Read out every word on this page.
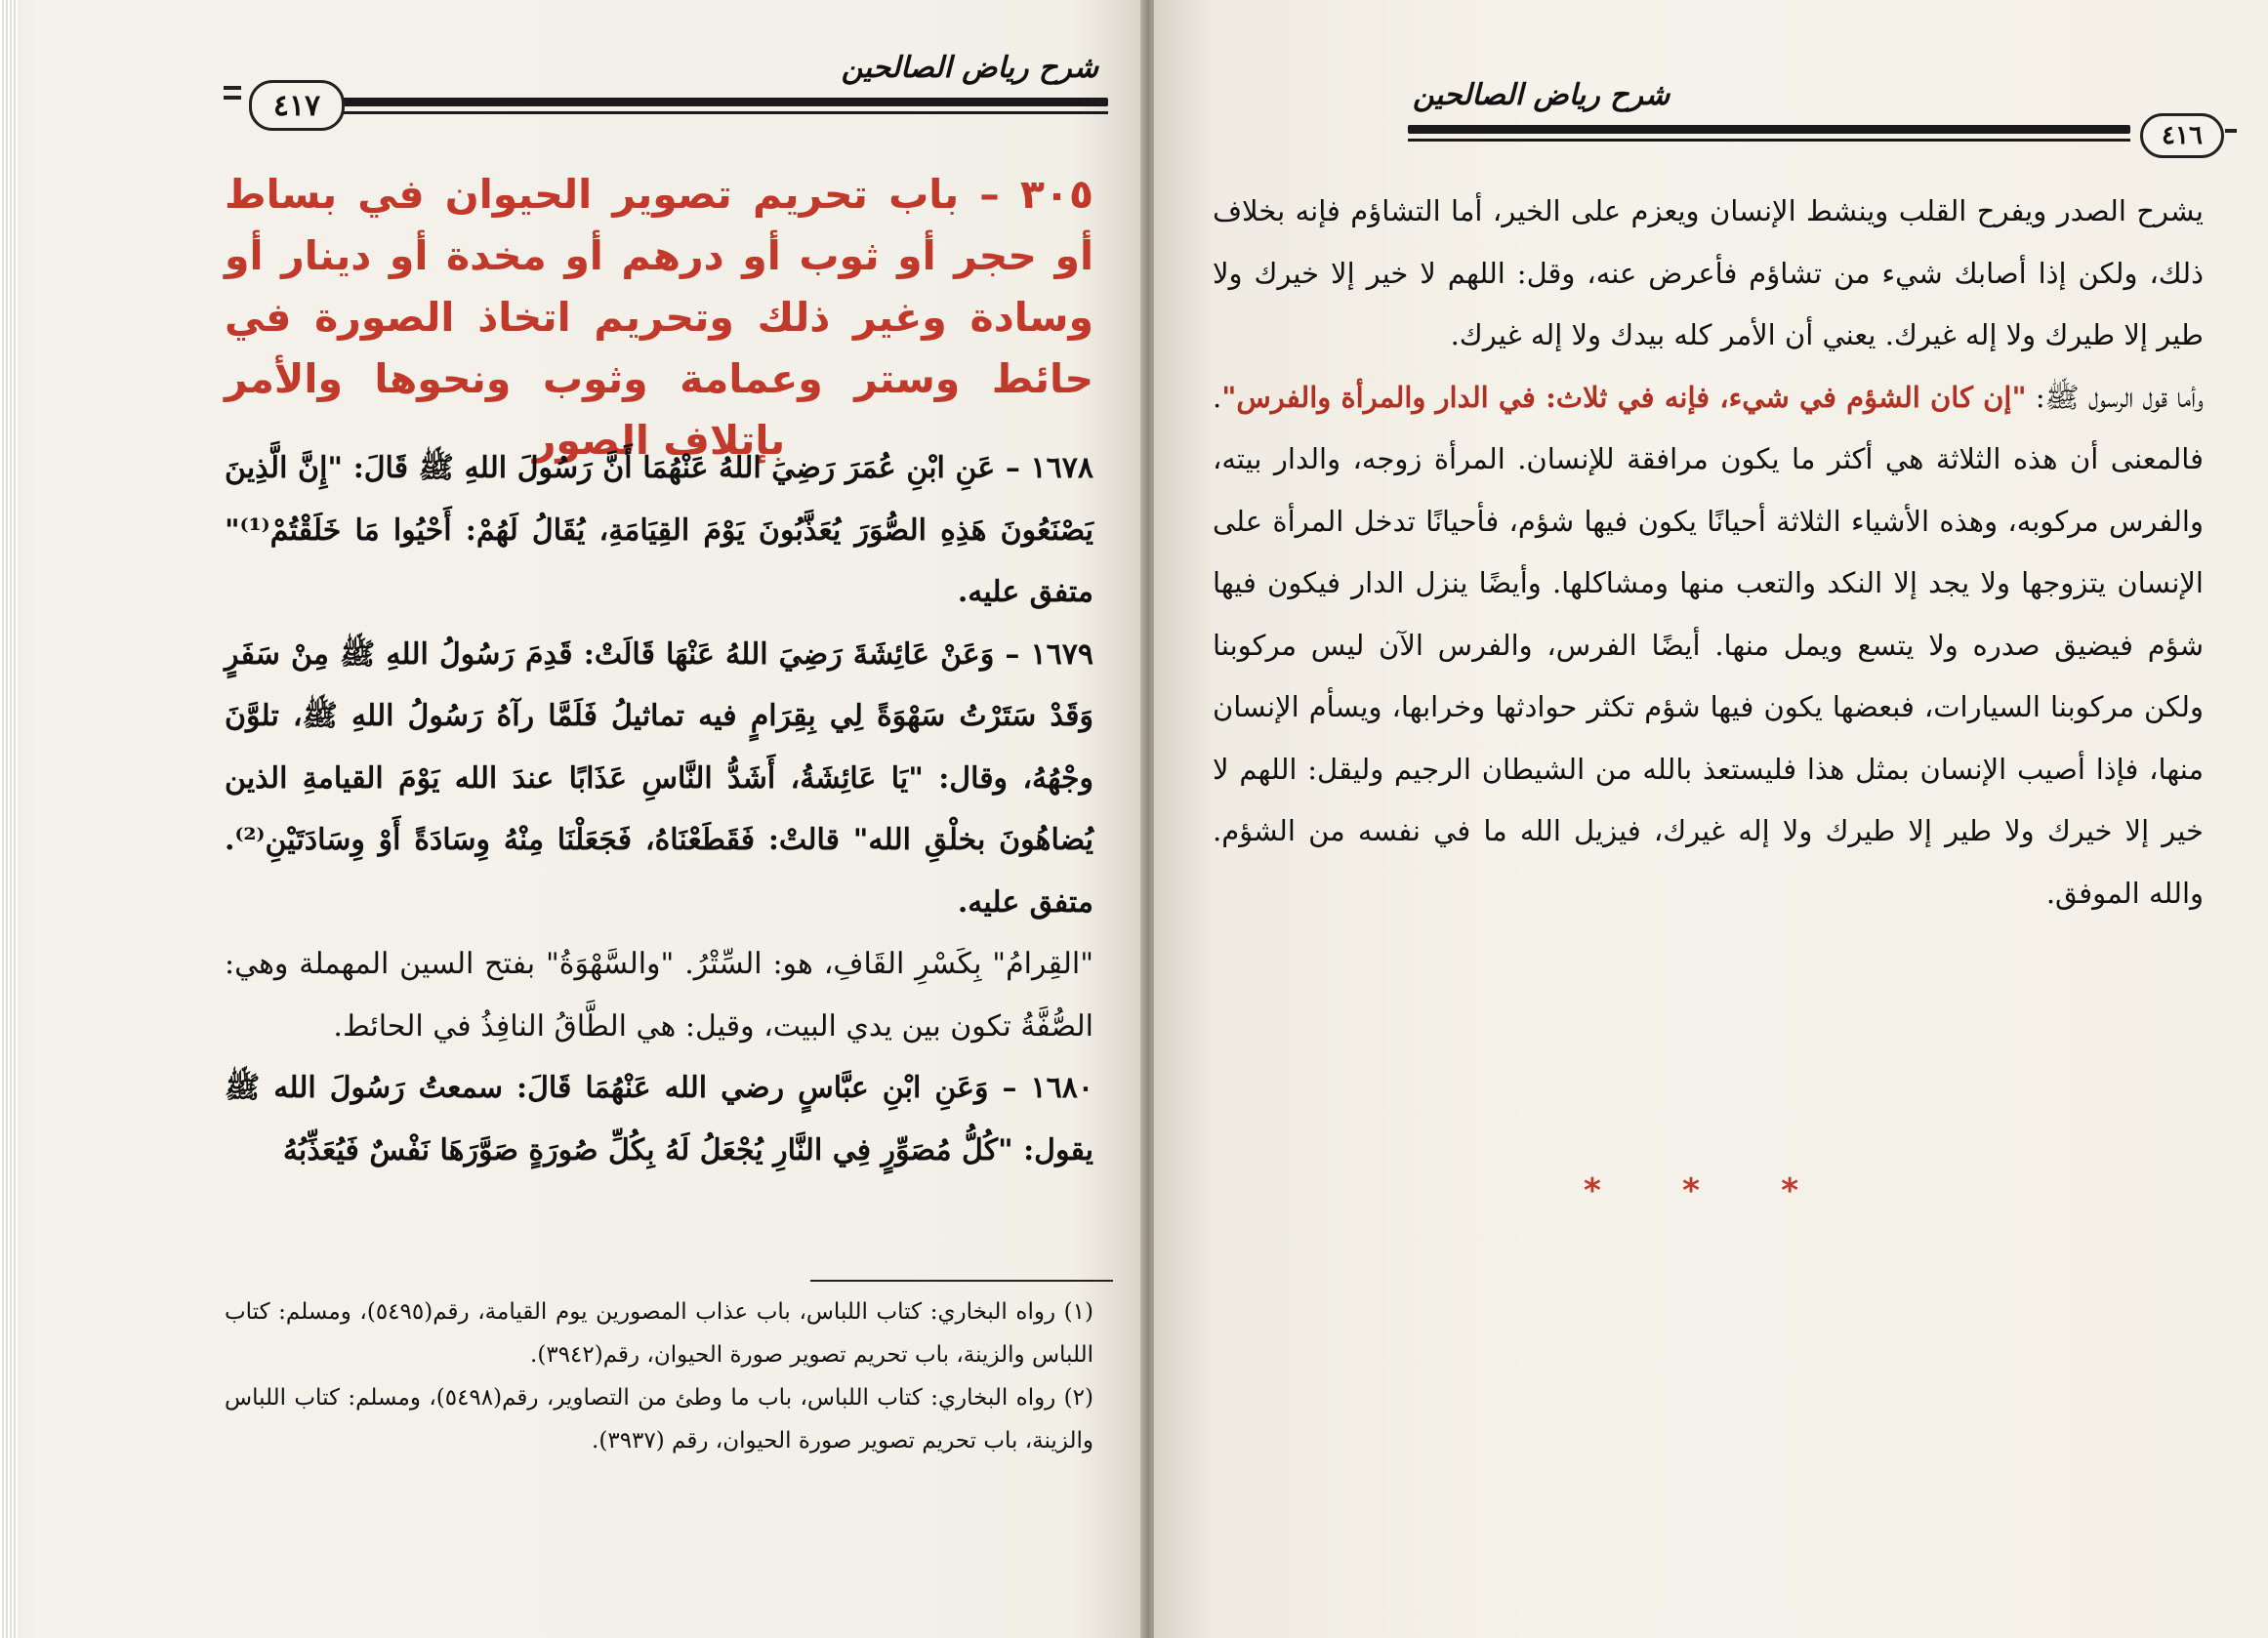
شرح رياض الصالحين
٤١٧
٣٠٥ – باب تحريم تصوير الحيوان في بساط أو حجر أو ثوب أو درهم أو مخدة أو دينار أو وسادة وغير ذلك وتحريم اتخاذ الصورة في حائط وستر وعمامة وثوب ونحوها والأمر بإتلاف الصور

١٦٧٨ – عَنِ ابْنِ عُمَرَ رَضِيَ اللهُ عَنْهُمَا أَنَّ رَسُولَ اللهِ ﷺ قَالَ: "إِنَّ الَّذِينَ يَصْنَعُونَ هَذِهِ الصُّوَرَ يُعَذَّبُونَ يَوْمَ القِيَامَةِ، يُقَالُ لَهُمْ: أَحْيُوا مَا خَلَقْتُمْ⁽¹⁾" متفق عليه.

١٦٧٩ – وَعَنْ عَائِشَةَ رَضِيَ اللهُ عَنْهَا قَالَتْ: قَدِمَ رَسُولُ اللهِ ﷺ مِنْ سَفَرٍ وَقَدْ سَتَرْتُ سَهْوَةً لِي بِقِرَامٍ فيه تماثيلُ فَلَمَّا رآهُ رَسُولُ اللهِ ﷺ، تلوَّنَ وجْهُهُ، وقال: "يَا عَائِشَةُ، أَشَدُّ النَّاسِ عَذَابًا عندَ الله يَوْمَ القيامةِ الذين يُضاهُونَ بخلْقِ الله" قالتْ: فَقَطَعْنَاهُ، فَجَعَلْنَا مِنْهُ وِسَادَةً أَوْ وِسَادَتَيْنِ⁽²⁾. متفق عليه.

"القِرامُ" بِكَسْرِ القَافِ، هو: السِّتْرُ. "والسَّهْوَةُ" بفتح السين المهملة وهي: الصُّفَّةُ تكون بين يدي البيت، وقيل: هي الطَّاقُ النافِذُ في الحائط.

١٦٨٠ – وَعَنِ ابْنِ عبَّاسٍ رضي الله عَنْهُمَا قَالَ: سمعتُ رَسُولَ الله ﷺ يقول: "كُلُّ مُصَوِّرٍ فِي النَّارِ يُجْعَلُ لَهُ بِكُلِّ صُورَةٍ صَوَّرَهَا نَفْسٌ فَيُعَذِّبُهُ

(١) رواه البخاري: كتاب اللباس، باب عذاب المصورين يوم القيامة، رقم(٥٤٩٥)، ومسلم: كتاب اللباس والزينة، باب تحريم تصوير صورة الحيوان، رقم(٣٩٤٢).

(٢) رواه البخاري: كتاب اللباس، باب ما وطئ من التصاوير، رقم(٥٤٩٨)، ومسلم: كتاب اللباس والزينة، باب تحريم تصوير صورة الحيوان، رقم (٣٩٣٧).

شرح رياض الصالحين
٤١٦

يشرح الصدر ويفرح القلب وينشط الإنسان ويعزم على الخير، أما التشاؤم فإنه بخلاف ذلك، ولكن إذا أصابك شيء من تشاؤم فأعرض عنه، وقل: اللهم لا خير إلا خيرك ولا طير إلا طيرك ولا إله غيرك. يعني أن الأمر كله بيدك ولا إله غيرك.

وأما قول الرسول ﷺ: "إن كان الشؤم في شيء، فإنه في ثلاث: في الدار والمرأة والفرس". فالمعنى أن هذه الثلاثة هي أكثر ما يكون مرافقة للإنسان. المرأة زوجه، والدار بيته، والفرس مركوبه، وهذه الأشياء الثلاثة أحيانًا يكون فيها شؤم، فأحيانًا تدخل المرأة على الإنسان يتزوجها ولا يجد إلا النكد والتعب منها ومشاكلها. وأيضًا ينزل الدار فيكون فيها شؤم فيضيق صدره ولا يتسع ويمل منها. أيضًا الفرس، والفرس الآن ليس مركوبنا ولكن مركوبنا السيارات، فبعضها يكون فيها شؤم تكثر حوادثها وخرابها، ويسأم الإنسان منها، فإذا أصيب الإنسان بمثل هذا فليستعذ بالله من الشيطان الرجيم وليقل: اللهم لا خير إلا خيرك ولا طير إلا طيرك ولا إله غيرك، فيزيل الله ما في نفسه من الشؤم. والله الموفق.

* * *
